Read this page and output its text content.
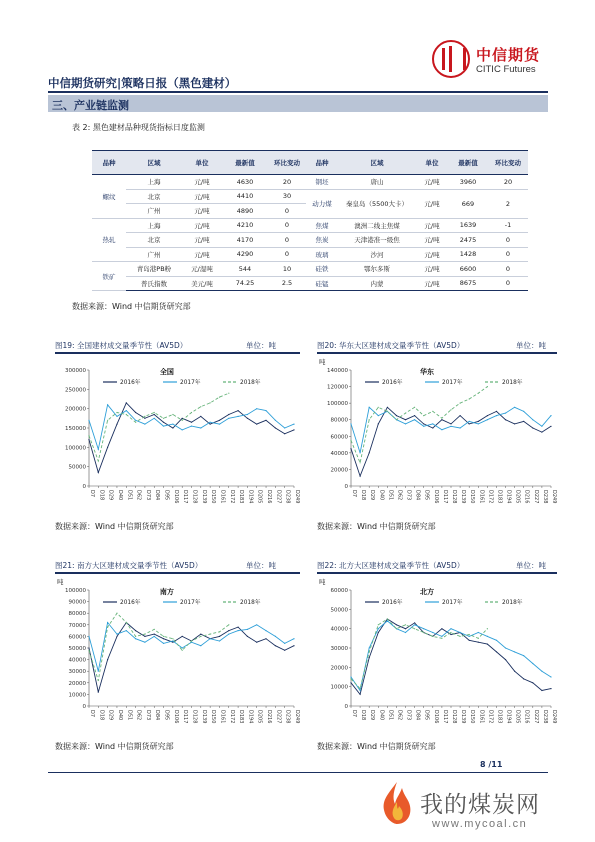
中信期货
CITIC Futures
中信期货研究|策略日报（黑色建材）
三、产业链监测
表 2: 黑色建材品种现货指标日度监测
品种	区域	单位	最新值	环比变动	品种	区域	单位	最新值	环比变动
螺纹	上海	元/吨	4630	20	钢坯	唐山	元/吨	3960	20
	北京	元/吨	4410	30	动力煤	秦皇岛（5500大卡）	元/吨	669	2
	广州	元/吨	4890	0					
热轧	上海	元/吨	4210	0	焦煤	澳洲二线主焦煤	元/吨	1639	-1
	北京	元/吨	4170	0	焦炭	天津港准一级焦	元/吨	2475	0
	广州	元/吨	4290	0	玻璃	沙河	元/吨	1428	0
铁矿	青岛港PB粉	元/湿吨	544	10	硅铁	鄂尔多斯	元/吨	6600	0
	普氏指数	美元/吨	74.25	2.5	硅锰	内蒙	元/吨	8675	0
数据来源：Wind 中信期货研究部
图19: 全国建材成交量季节性（AV5D）	单位：吨
0
50000
100000
150000
200000
250000
300000
D7 D18 D29 D40 D51 D62 D73 D84 D95 D106 D117 D128 D139 D150 D161 D172 D183 D194 D205 D216 D227 D238 D249
全国
2016年	2017年	2018年
数据来源：Wind 中信期货研究部
图20: 华东大区建材成交量季节性（AV5D）	单位：吨
吨
0
20000
40000
60000
80000
100000
120000
140000
D7 D18 D29 D40 D51 D62 D73 D84 D95 D106 D117 D128 D139 D150 D161 D172 D183 D194 D205 D216 D227 D238 D249
华东
2016年	2017年	2018年
数据来源：Wind 中信期货研究部
图21: 南方大区建材成交量季节性（AV5D）	单位：吨
吨
0
10000
20000
30000
40000
50000
60000
70000
80000
90000
100000
D7 D18 D29 D40 D51 D62 D73 D84 D95 D106 D117 D128 D139 D150 D161 D172 D183 D194 D205 D216 D227 D238 D249
南方
2016年	2017年	2018年
数据来源：Wind 中信期货研究部
图22: 北方大区建材成交量季节性（AV5D）	单位：吨
吨
0
10000
20000
30000
40000
50000
60000
D7 D18 D29 D40 D51 D62 D73 D84 D95 D106 D117 D128 D139 D150 D161 D172 D183 D194 D205 D216 D227 D238 D249
北方
2016年	2017年	2018年
数据来源：Wind 中信期货研究部
8 /11
我的煤炭网
www.mycoal.cn
